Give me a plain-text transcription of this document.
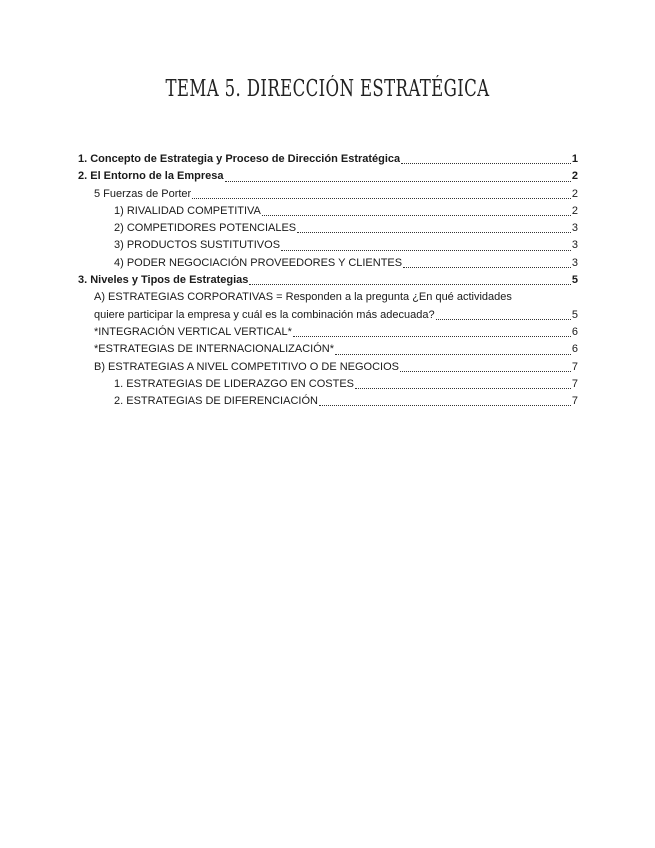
TEMA 5. DIRECCIÓN ESTRATÉGICA
1. Concepto de Estrategia y Proceso de Dirección Estratégica	1
2. El Entorno de la Empresa	2
5 Fuerzas de Porter	2
1) RIVALIDAD COMPETITIVA	2
2) COMPETIDORES POTENCIALES	3
3) PRODUCTOS SUSTITUTIVOS	3
4) PODER NEGOCIACIÓN PROVEEDORES Y CLIENTES	3
3. Niveles y Tipos de Estrategias	5
A) ESTRATEGIAS CORPORATIVAS = Responden a la pregunta ¿En qué actividades
quiere participar la empresa y cuál es la combinación más adecuada?	5
*INTEGRACIÓN VERTICAL VERTICAL*	6
*ESTRATEGIAS DE INTERNACIONALIZACIÓN*	6
B) ESTRATEGIAS A NIVEL COMPETITIVO O DE NEGOCIOS	7
1. ESTRATEGIAS DE LIDERAZGO EN COSTES	7
2. ESTRATEGIAS DE DIFERENCIACIÓN	7
